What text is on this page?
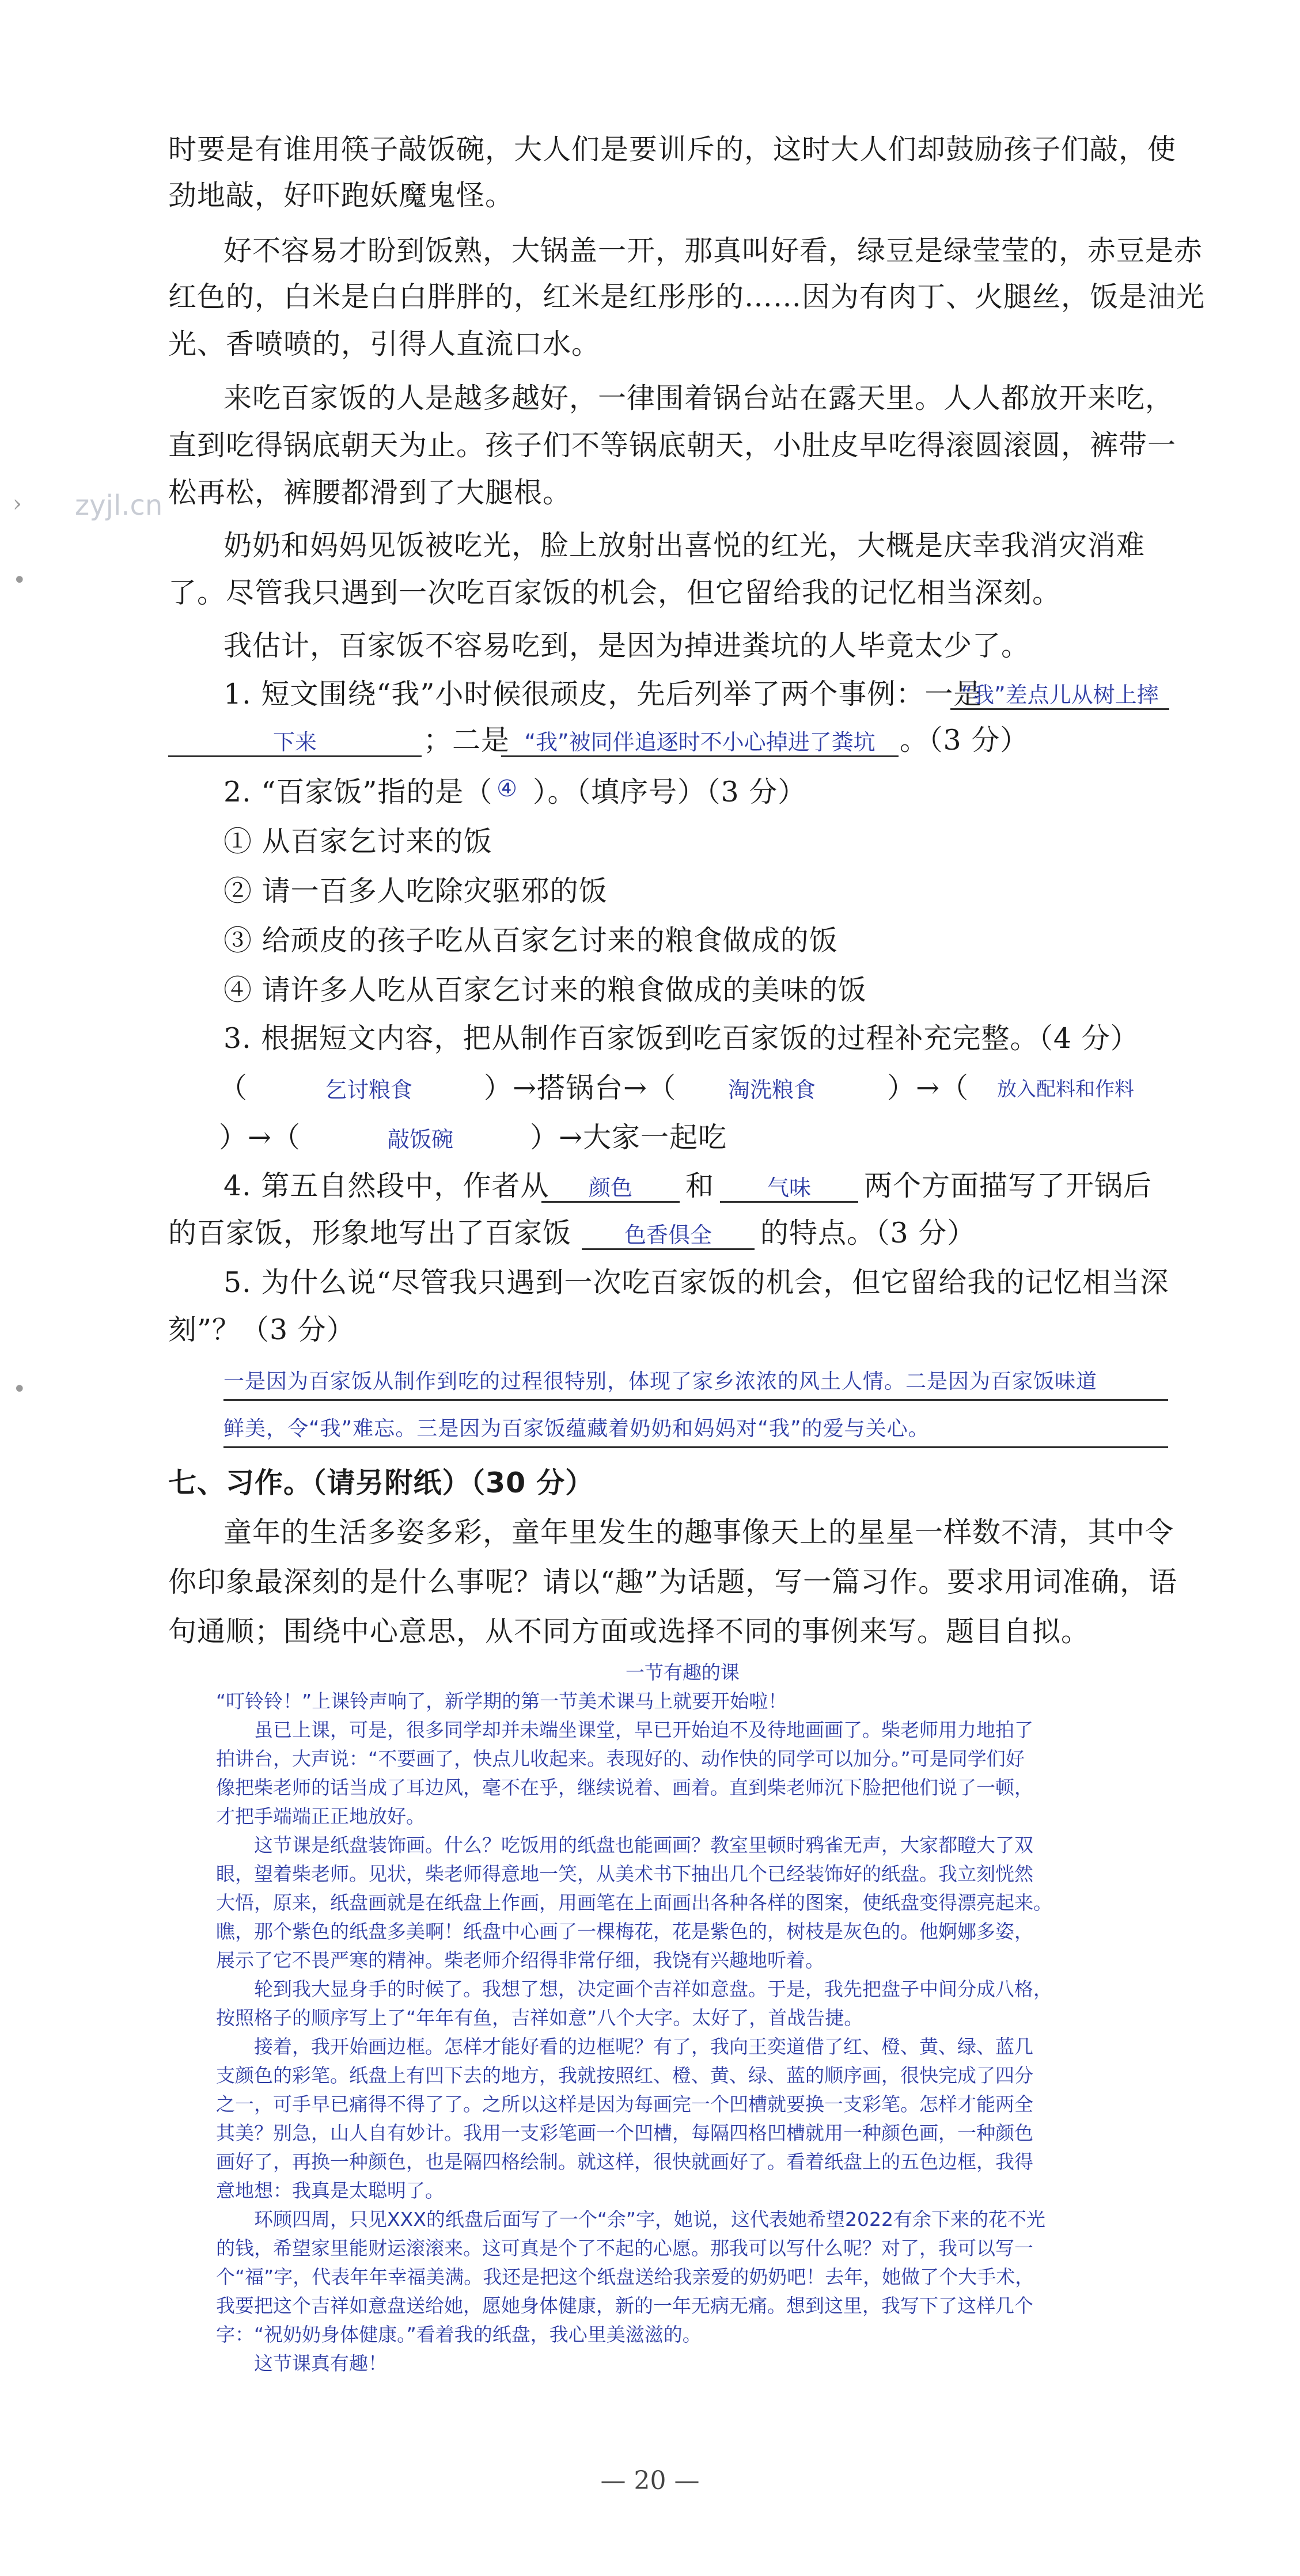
zyjl.cn
›
•
•
时要是有谁用筷子敲饭碗，大人们是要训斥的，这时大人们却鼓励孩子们敲，使
劲地敲，好吓跑妖魔鬼怪。
好不容易才盼到饭熟，大锅盖一开，那真叫好看，绿豆是绿莹莹的，赤豆是赤
红色的，白米是白白胖胖的，红米是红彤彤的……因为有肉丁、火腿丝，饭是油光
光、香喷喷的，引得人直流口水。
来吃百家饭的人是越多越好，一律围着锅台站在露天里。人人都放开来吃，
直到吃得锅底朝天为止。孩子们不等锅底朝天，小肚皮早吃得滚圆滚圆，裤带一
松再松，裤腰都滑到了大腿根。
奶奶和妈妈见饭被吃光，脸上放射出喜悦的红光，大概是庆幸我消灾消难
了。尽管我只遇到一次吃百家饭的机会，但它留给我的记忆相当深刻。
我估计，百家饭不容易吃到，是因为掉进粪坑的人毕竟太少了。
1. 短文围绕“我”小时候很顽皮，先后列举了两个事例：一是
“我”差点儿从树上摔
下来	；二是 “我”被同伴追逐时不小心掉进了粪坑 。（3 分）
2. “百家饭”指的是（ ④ ）。（填序号）（3 分）
① 从百家乞讨来的饭
② 请一百多人吃除灾驱邪的饭
③ 给顽皮的孩子吃从百家乞讨来的粮食做成的饭
④ 请许多人吃从百家乞讨来的粮食做成的美味的饭
3. 根据短文内容，把从制作百家饭到吃百家饭的过程补充完整。（4 分）
（	乞讨粮食	）→搭锅台→（	淘洗粮食	）→（	放入配料和作料
）→（	敲饭碗	）→大家一起吃
4. 第五自然段中，作者从	颜色	和	气味	两个方面描写了开锅后
的百家饭，形象地写出了百家饭	色香俱全	的特点。（3 分）
5. 为什么说“尽管我只遇到一次吃百家饭的机会，但它留给我的记忆相当深
刻”？（3 分）
一是因为百家饭从制作到吃的过程很特别，体现了家乡浓浓的风土人情。二是因为百家饭味道
鲜美，令“我”难忘。三是因为百家饭蕴藏着奶奶和妈妈对“我”的爱与关心。
七、习作。（请另附纸）（30 分）
童年的生活多姿多彩，童年里发生的趣事像天上的星星一样数不清，其中令
你印象最深刻的是什么事呢？请以“趣”为话题，写一篇习作。要求用词准确，语
句通顺；围绕中心意思，从不同方面或选择不同的事例来写。题目自拟。
一节有趣的课
“叮铃铃！”上课铃声响了，新学期的第一节美术课马上就要开始啦！
虽已上课，可是，很多同学却并未端坐课堂，早已开始迫不及待地画画了。柴老师用力地拍了
拍讲台，大声说：“不要画了，快点儿收起来。表现好的、动作快的同学可以加分。”可是同学们好
像把柴老师的话当成了耳边风，毫不在乎，继续说着、画着。直到柴老师沉下脸把他们说了一顿，
才把手端端正正地放好。
这节课是纸盘装饰画。什么？吃饭用的纸盘也能画画？教室里顿时鸦雀无声，大家都瞪大了双
眼，望着柴老师。见状，柴老师得意地一笑，从美术书下抽出几个已经装饰好的纸盘。我立刻恍然
大悟，原来，纸盘画就是在纸盘上作画，用画笔在上面画出各种各样的图案，使纸盘变得漂亮起来。
瞧，那个紫色的纸盘多美啊！纸盘中心画了一棵梅花，花是紫色的，树枝是灰色的。他婀娜多姿，
展示了它不畏严寒的精神。柴老师介绍得非常仔细，我饶有兴趣地听着。
轮到我大显身手的时候了。我想了想，决定画个吉祥如意盘。于是，我先把盘子中间分成八格，
按照格子的顺序写上了“年年有鱼，吉祥如意”八个大字。太好了，首战告捷。
接着，我开始画边框。怎样才能好看的边框呢？有了，我向王奕道借了红、橙、黄、绿、蓝几
支颜色的彩笔。纸盘上有凹下去的地方，我就按照红、橙、黄、绿、蓝的顺序画，很快完成了四分
之一，可手早已痛得不得了了。之所以这样是因为每画完一个凹槽就要换一支彩笔。怎样才能两全
其美？别急，山人自有妙计。我用一支彩笔画一个凹槽，每隔四格凹槽就用一种颜色画，一种颜色
画好了，再换一种颜色，也是隔四格绘制。就这样，很快就画好了。看着纸盘上的五色边框，我得
意地想：我真是太聪明了。
环顾四周，只见XXX的纸盘后面写了一个“余”字，她说，这代表她希望2022有余下来的花不光
的钱，希望家里能财运滚滚来。这可真是个了不起的心愿。那我可以写什么呢？对了，我可以写一
个“福”字，代表年年幸福美满。我还是把这个纸盘送给我亲爱的奶奶吧！去年，她做了个大手术，
我要把这个吉祥如意盘送给她，愿她身体健康，新的一年无病无痛。想到这里，我写下了这样几个
字：“祝奶奶身体健康。”看着我的纸盘，我心里美滋滋的。
这节课真有趣！
— 20 —
